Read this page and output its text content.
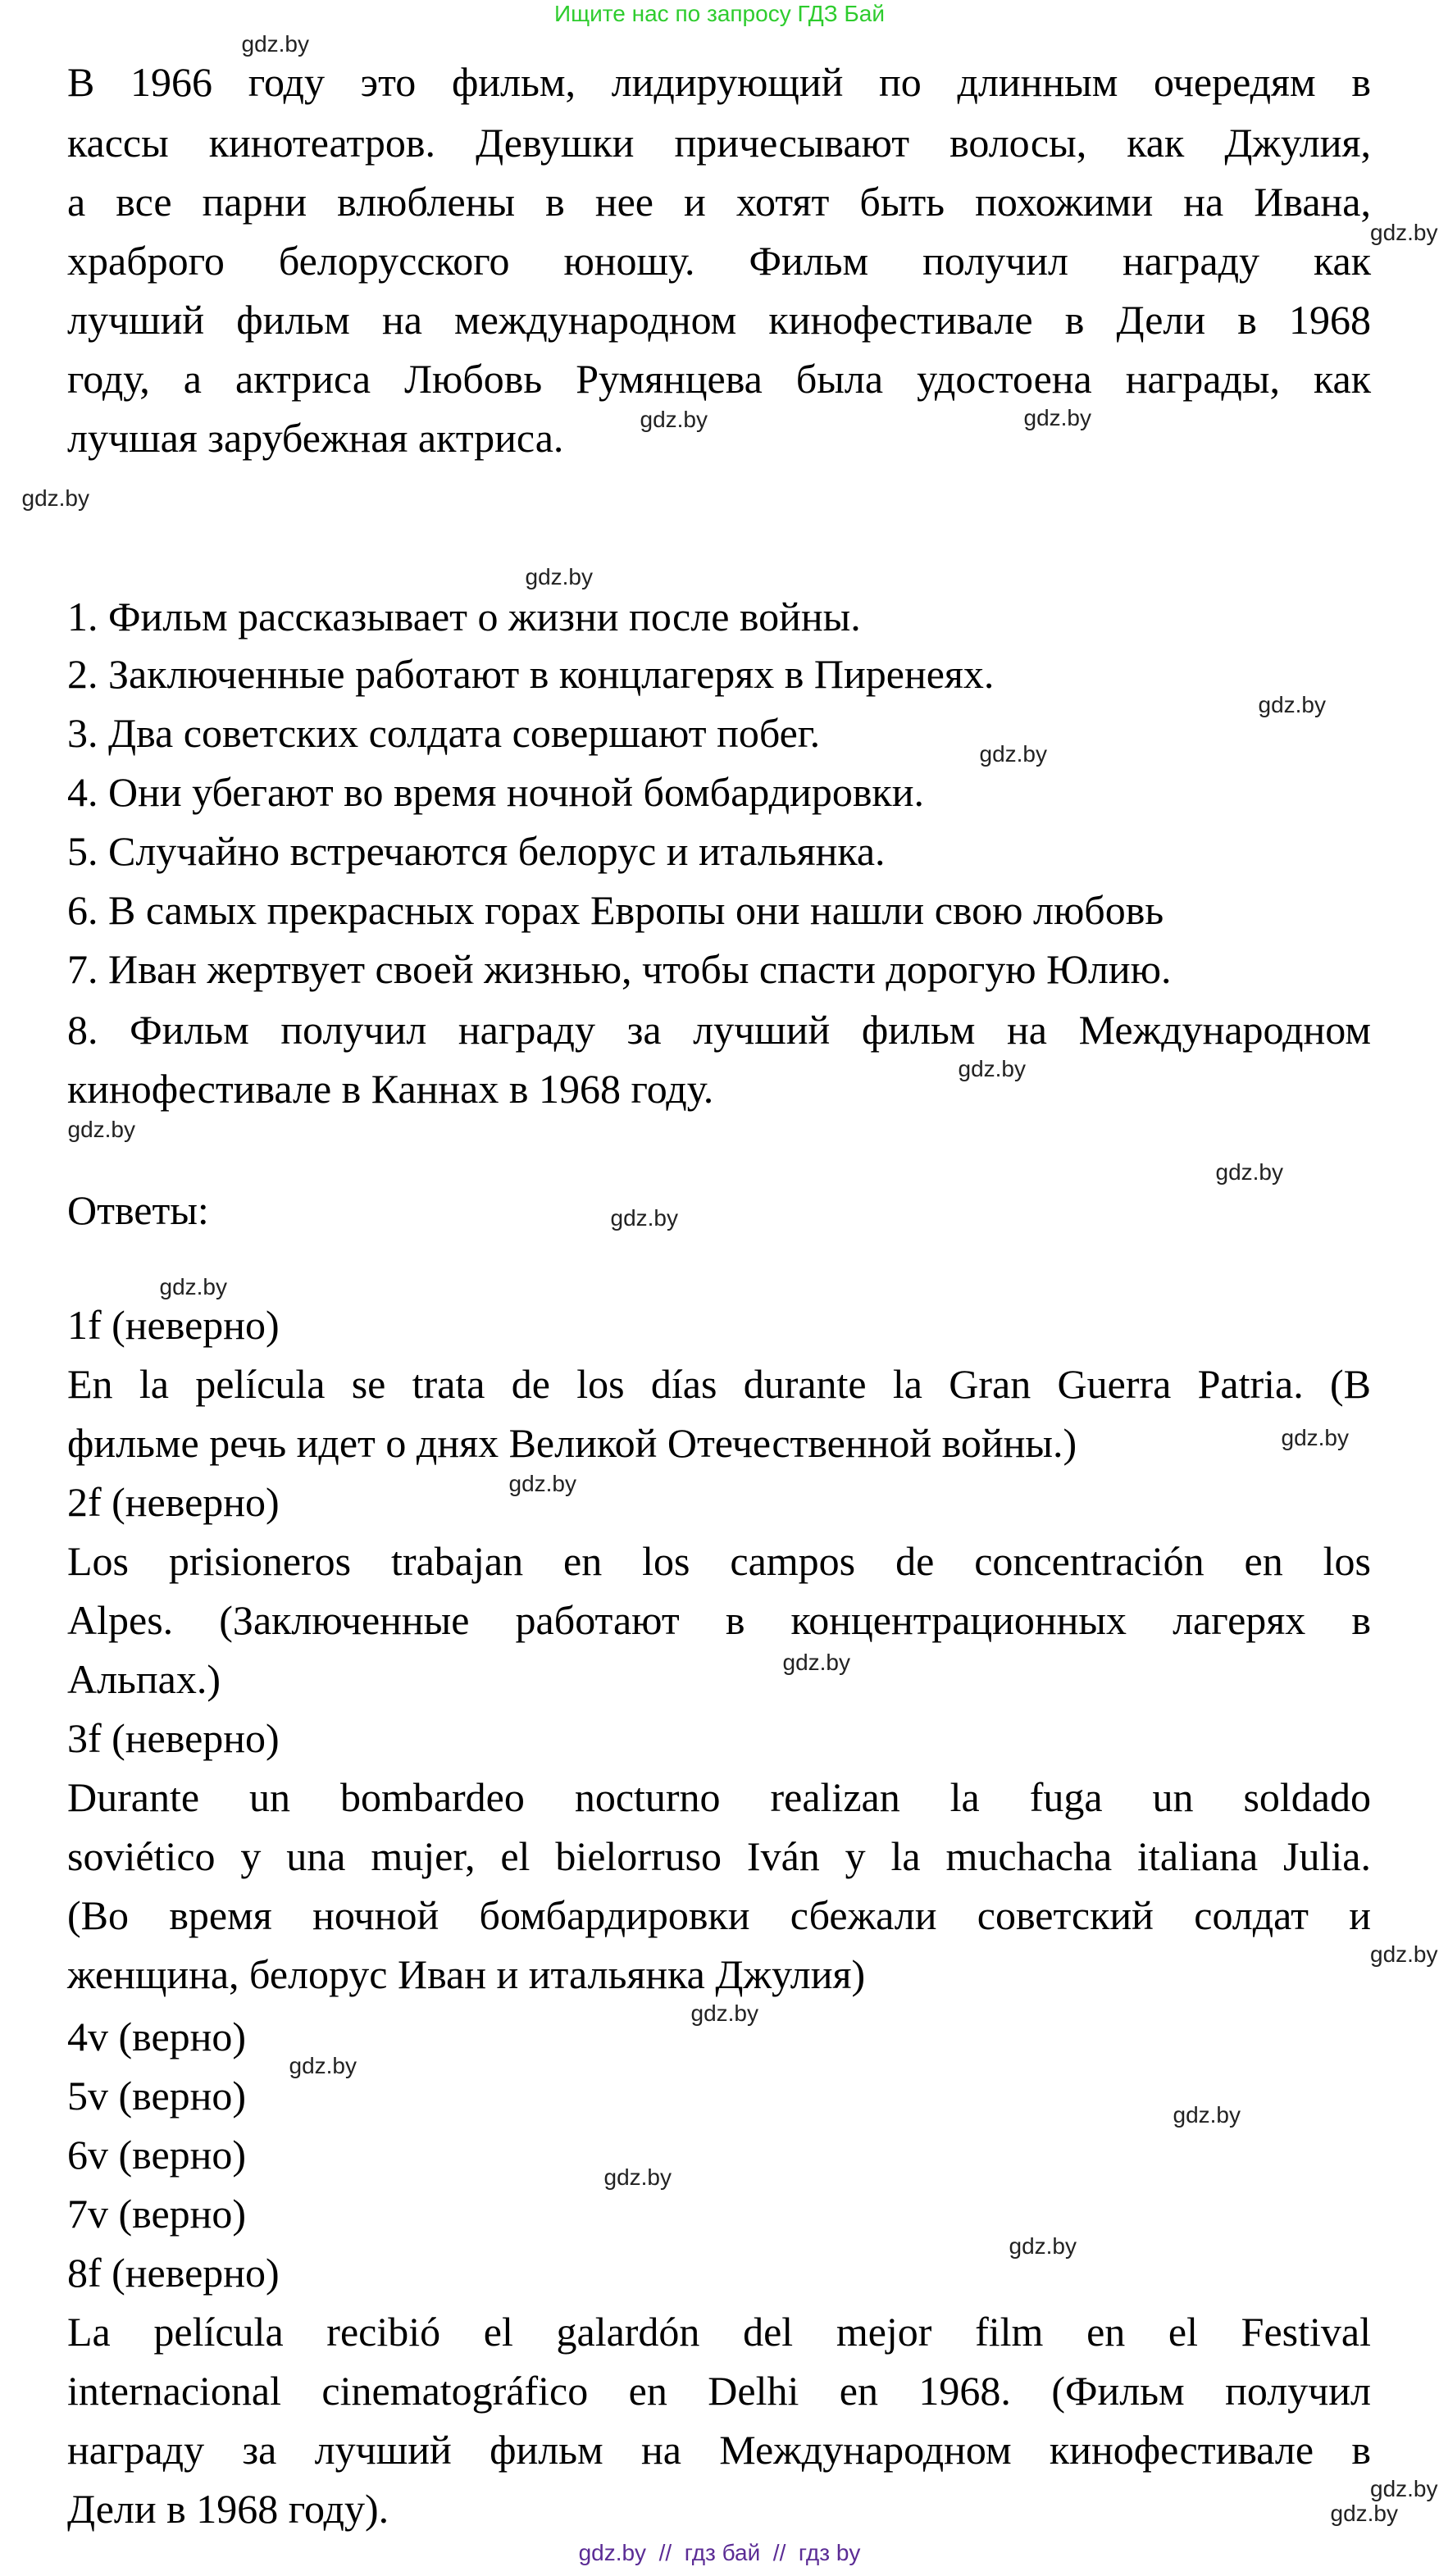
Ищите нас по запросу ГДЗ Бай
В 1966 году это фильм, лидирующий по длинным очередям в
кассы кинотеатров. Девушки причесывают волосы, как Джулия,
а все парни влюблены в нее и хотят быть похожими на Ивана,
храброго белорусского юношу. Фильм получил награду как
лучший фильм на международном кинофестивале в Дели в 1968
году, а актриса Любовь Румянцева была удостоена награды, как
лучшая зарубежная актриса.
1. Фильм рассказывает о жизни после войны.
2. Заключенные работают в концлагерях в Пиренеях.
3. Два советских солдата совершают побег.
4. Они убегают во время ночной бомбардировки.
5. Случайно встречаются белорус и итальянка.
6. В самых прекрасных горах Европы они нашли свою любовь
7. Иван жертвует своей жизнью, чтобы спасти дорогую Юлию.
8. Фильм получил награду за лучший фильм на Международном
кинофестивале в Каннах в 1968 году.
Ответы:
1f (неверно)
En la película se trata de los días durante la Gran Guerra Patria. (В
фильме речь идет о днях Великой Отечественной войны.)
2f (неверно)
Los prisioneros trabajan en los campos de concentración en los
Alpes. (Заключенные работают в концентрационных лагерях в
Альпах.)
3f (неверно)
Durante un bombardeo nocturno realizan la fuga un soldado
soviético y una mujer, el bielorruso Iván y la muchacha italiana Julia.
(Во время ночной бомбардировки сбежали советский солдат и
женщина, белорус Иван и итальянка Джулия)
4v (верно)
5v (верно)
6v (верно)
7v (верно)
8f (неверно)
La película recibió el galardón del mejor film en el Festival
internacional cinematográfico en Delhi en 1968. (Фильм получил
награду за лучший фильм на Международном кинофестивале в
Дели в 1968 году).
gdz.by
gdz.by
gdz.by
gdz.by
gdz.by
gdz.by
gdz.by
gdz.by
gdz.by
gdz.by
gdz.by
gdz.by
gdz.by
gdz.by
gdz.by
gdz.by
gdz.by
gdz.by
gdz.by
gdz.by
gdz.by
gdz.by
gdz.by
gdz.by
gdz.by  //  гдз бай  //  гдз by
